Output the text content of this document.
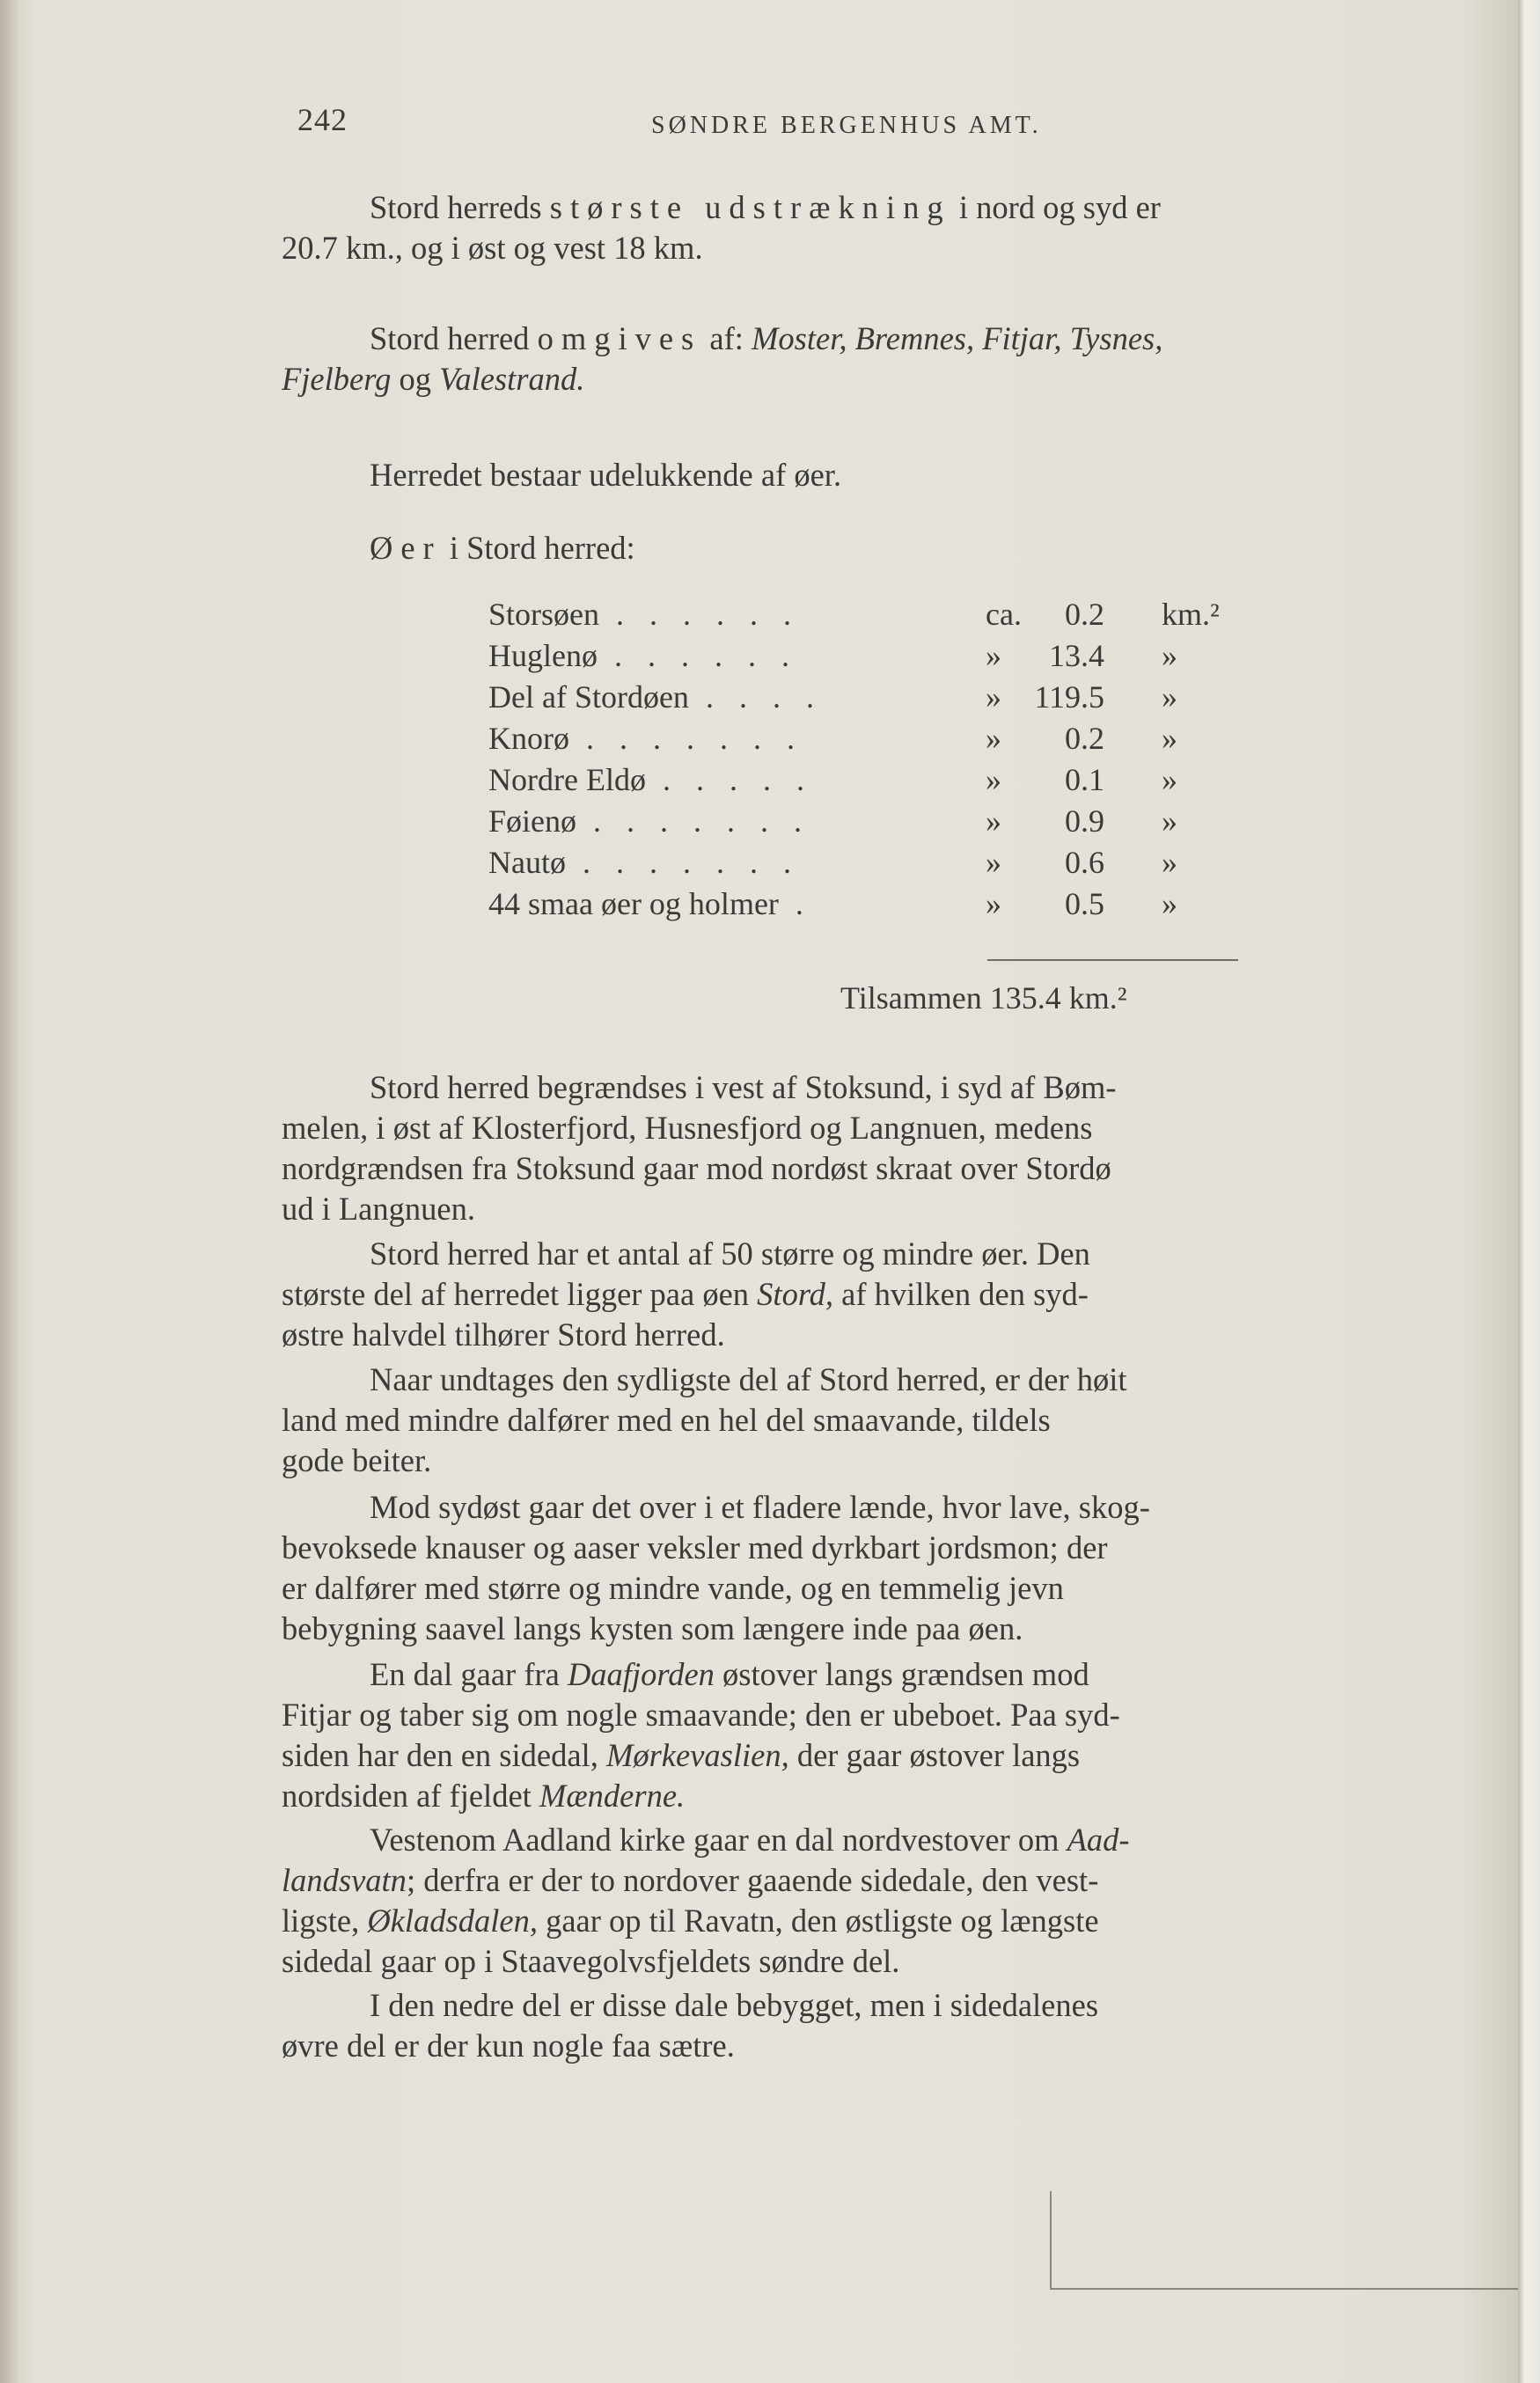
242	SØNDRE BERGENHUS AMT.

Stord herreds største udstrækning i nord og syd er
20.7 km., og i øst og vest 18 km.

Stord herred omgives af: Moster, Bremnes, Fitjar, Tysnes,
Fjelberg og Valestrand.

Herredet bestaar udelukkende af øer.

Øer i Stord herred:

Storsøen . . . . . .	ca.	0.2 km.²
Huglenø . . . . . .	»	13.4 »
Del af Stordøen . . . .	»	119.5 »
Knorø . . . . . . .	»	0.2 »
Nordre Eldø . . . . .	»	0.1 »
Føienø . . . . . . .	»	0.9 »
Nautø . . . . . . .	»	0.6 »
44 smaa øer og holmer .	»	0.5 »
Tilsammen 135.4 km.²

Stord herred begrændses i vest af Stoksund, i syd af Bøm-
melen, i øst af Klosterfjord, Husnesfjord og Langnuen, medens
nordgrændsen fra Stoksund gaar mod nordøst skraat over Stordø
ud i Langnuen.

Stord herred har et antal af 50 større og mindre øer. Den
største del af herredet ligger paa øen Stord, af hvilken den syd-
østre halvdel tilhører Stord herred.

Naar undtages den sydligste del af Stord herred, er der høit
land med mindre dalfører med en hel del smaavande, tildels
gode beiter.

Mod sydøst gaar det over i et fladere lænde, hvor lave, skog-
bevoksede knauser og aaser veksler med dyrkbart jordsmon; der
er dalfører med større og mindre vande, og en temmelig jevn
bebygning saavel langs kysten som længere inde paa øen.

En dal gaar fra Daafjorden østover langs grændsen mod
Fitjar og taber sig om nogle smaavande; den er ubeboet. Paa syd-
siden har den en sidedal, Mørkevaslien, der gaar østover langs
nordsiden af fjeldet Mænderne.

Vestenom Aadland kirke gaar en dal nordvestover om Aad-
landsvatn; derfra er der to nordover gaaende sidedale, den vest-
ligste, Økladsdalen, gaar op til Ravatn, den østligste og længste
sidedal gaar op i Staavegolvsfjeldets søndre del.

I den nedre del er disse dale bebygget, men i sidedalenes
øvre del er der kun nogle faa sætre.
